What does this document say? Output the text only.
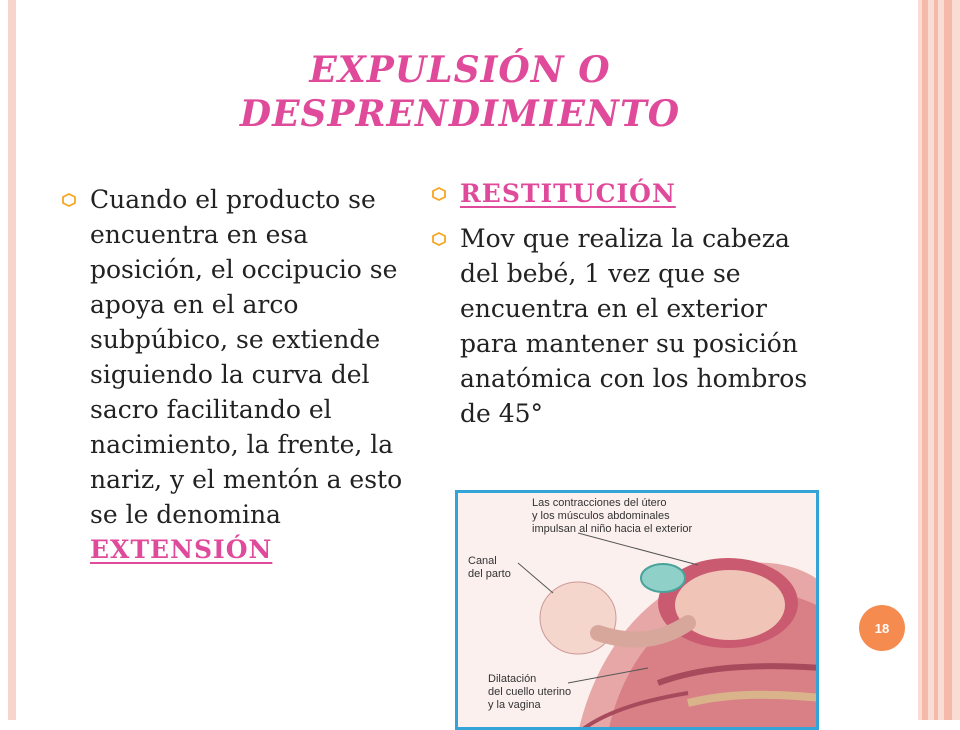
EXPULSIÓN O
DESPRENDIMIENTO
Cuando el producto se encuentra en esa posición, el occipucio se apoya en el arco subpúbico, se extiende siguiendo la curva del sacro facilitando el nacimiento, la frente, la nariz, y el mentón a esto se le denomina EXTENSIÓN
RESTITUCIÓN
Mov que realiza la cabeza del bebé, 1 vez que se encuentra en el exterior para mantener su posición anatómica con los hombros de 45°
Las contracciones del útero
y los músculos abdominales
impulsan al niño hacia el exterior
Canal
del parto
Dilatación
del cuello uterino
y la vagina
18
